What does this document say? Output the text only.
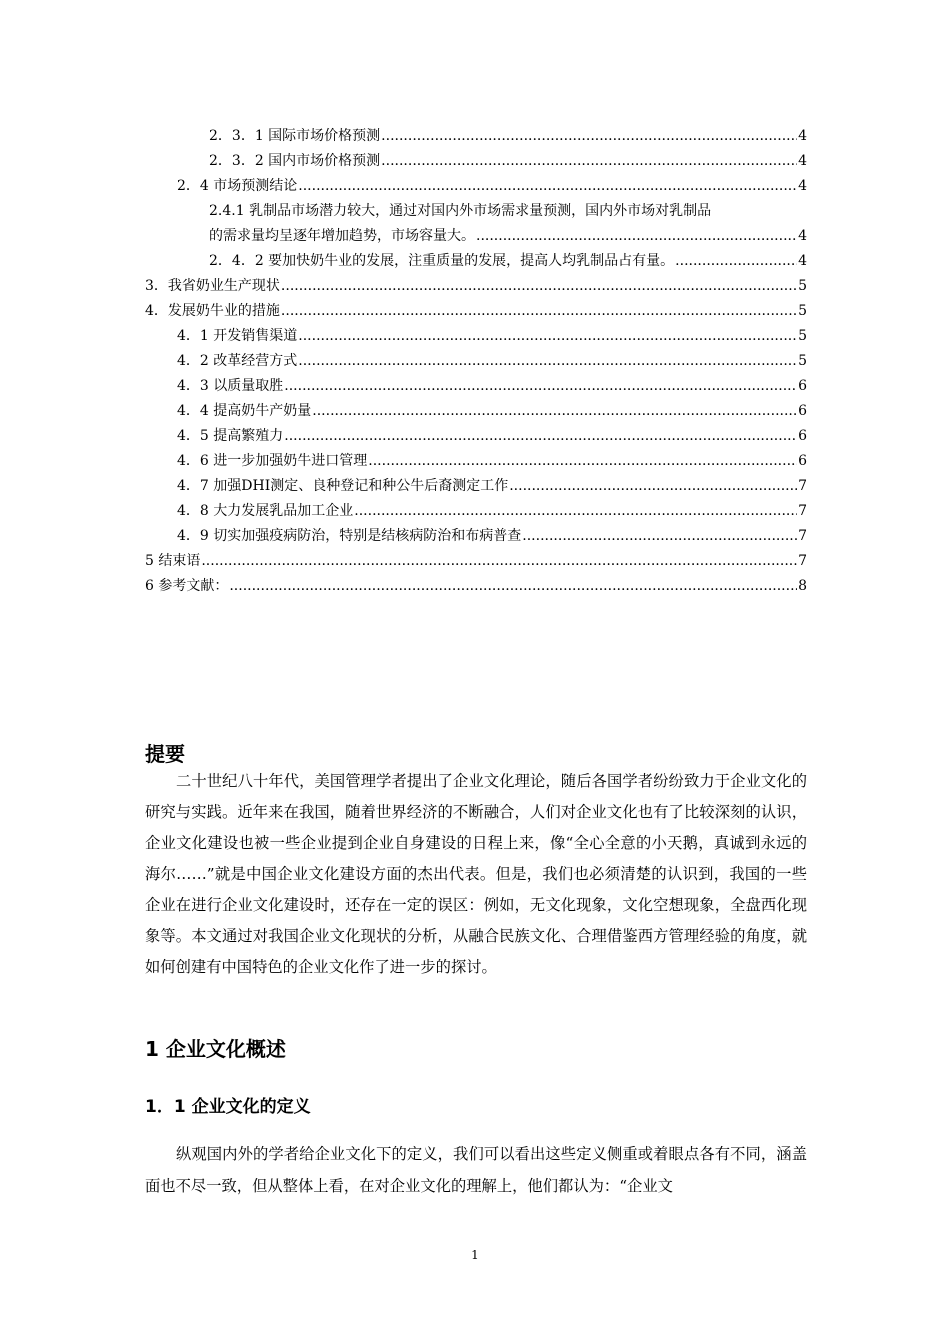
2．3．1 国际市场价格预测 .....	4
2．3．2 国内市场价格预测 .....	4
2．4 市场预测结论 .....	4
2.4.1 乳制品市场潜力较大，通过对国内外市场需求量预测，国内外市场对乳制品
的需求量均呈逐年增加趋势，市场容量大。 .....	4
2．4．2 要加快奶牛业的发展，注重质量的发展，提高人均乳制品占有量。 .....	4
3．我省奶业生产现状 .....	5
4．发展奶牛业的措施 .....	5
4．1 开发销售渠道 .....	5
4．2 改革经营方式 .....	5
4．3 以质量取胜 .....	6
4．4 提高奶牛产奶量 .....	6
4．5 提高繁殖力 .....	6
4．6 进一步加强奶牛进口管理 .....	6
4．7 加强DHI测定、良种登记和种公牛后裔测定工作 .....	7
4．8 大力发展乳品加工企业 .....	7
4．9 切实加强疫病防治，特别是结核病防治和布病普查 .....	7
5 结束语 .....	7
6 参考文献： .....	8
提要
二十世纪八十年代，美国管理学者提出了企业文化理论，随后各国学者纷纷致力于企业文化的研究与实践。近年来在我国，随着世界经济的不断融合，人们对企业文化也有了比较深刻的认识，企业文化建设也被一些企业提到企业自身建设的日程上来，像“全心全意的小天鹅，真诚到永远的海尔……”就是中国企业文化建设方面的杰出代表。但是，我们也必须清楚的认识到，我国的一些企业在进行企业文化建设时，还存在一定的误区：例如，无文化现象，文化空想现象，全盘西化现象等。本文通过对我国企业文化现状的分析，从融合民族文化、合理借鉴西方管理经验的角度，就如何创建有中国特色的企业文化作了进一步的探讨。
1 企业文化概述
1．1 企业文化的定义
纵观国内外的学者给企业文化下的定义，我们可以看出这些定义侧重或着眼点各有不同，涵盖面也不尽一致，但从整体上看，在对企业文化的理解上，他们都认为：“企业文
1
